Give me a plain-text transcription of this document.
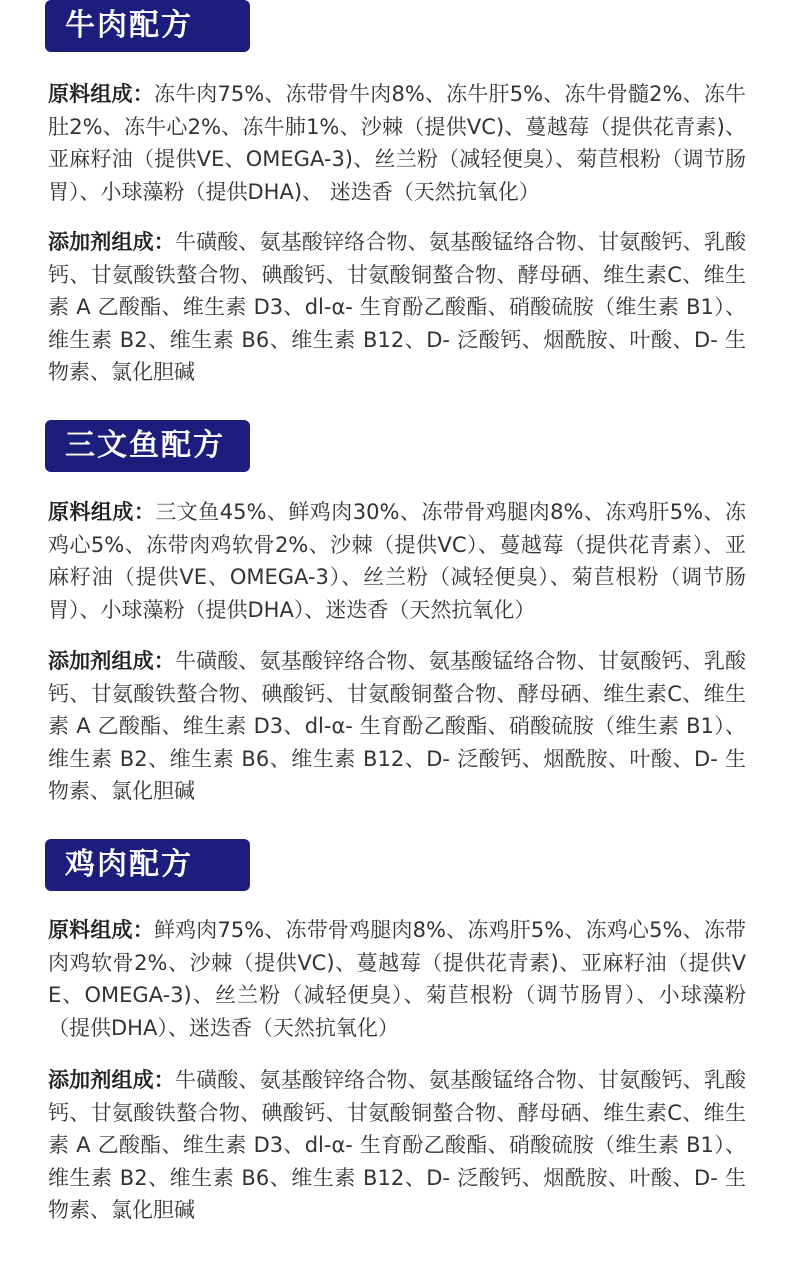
牛肉配方
原料组成：冻牛肉75%、冻带骨牛肉8%、冻牛肝5%、冻牛骨髓2%、冻牛肚2%、冻牛心2%、冻牛肺1%、沙棘（提供VC)、蔓越莓（提供花青素)、亚麻籽油（提供VE、OMEGA-3)、丝兰粉（减轻便臭）、菊苣根粉（调节肠胃）、小球藻粉（提供DHA)、 迷迭香（天然抗氧化）
添加剂组成：牛磺酸、氨基酸锌络合物、氨基酸锰络合物、甘氨酸钙、乳酸钙、甘氨酸铁螯合物、碘酸钙、甘氨酸铜螯合物、酵母硒、维生素C、维生素 A 乙酸酯、维生素 D3、dl-α- 生育酚乙酸酯、硝酸硫胺（维生素 B1）、维生素 B2、维生素 B6、维生素 B12、D- 泛酸钙、烟酰胺、叶酸、D- 生物素、氯化胆碱
三文鱼配方
原料组成：三文鱼45%、鲜鸡肉30%、冻带骨鸡腿肉8%、冻鸡肝5%、冻鸡心5%、冻带肉鸡软骨2%、沙棘（提供VC）、蔓越莓（提供花青素）、亚麻籽油（提供VE、OMEGA-3）、丝兰粉（减轻便臭）、菊苣根粉（调节肠胃）、小球藻粉（提供DHA）、迷迭香（天然抗氧化）
添加剂组成：牛磺酸、氨基酸锌络合物、氨基酸锰络合物、甘氨酸钙、乳酸钙、甘氨酸铁螯合物、碘酸钙、甘氨酸铜螯合物、酵母硒、维生素C、维生素 A 乙酸酯、维生素 D3、dl-α- 生育酚乙酸酯、硝酸硫胺（维生素 B1）、维生素 B2、维生素 B6、维生素 B12、D- 泛酸钙、烟酰胺、叶酸、D- 生物素、氯化胆碱
鸡肉配方
原料组成：鲜鸡肉75%、冻带骨鸡腿肉8%、冻鸡肝5%、冻鸡心5%、冻带肉鸡软骨2%、沙棘（提供VC)、蔓越莓（提供花青素)、亚麻籽油（提供VE、OMEGA-3)、丝兰粉（减轻便臭）、菊苣根粉（调节肠胃）、小球藻粉（提供DHA）、迷迭香（天然抗氧化）
添加剂组成：牛磺酸、氨基酸锌络合物、氨基酸锰络合物、甘氨酸钙、乳酸钙、甘氨酸铁螯合物、碘酸钙、甘氨酸铜螯合物、酵母硒、维生素C、维生素 A 乙酸酯、维生素 D3、dl-α- 生育酚乙酸酯、硝酸硫胺（维生素 B1）、维生素 B2、维生素 B6、维生素 B12、D- 泛酸钙、烟酰胺、叶酸、D- 生物素、氯化胆碱
